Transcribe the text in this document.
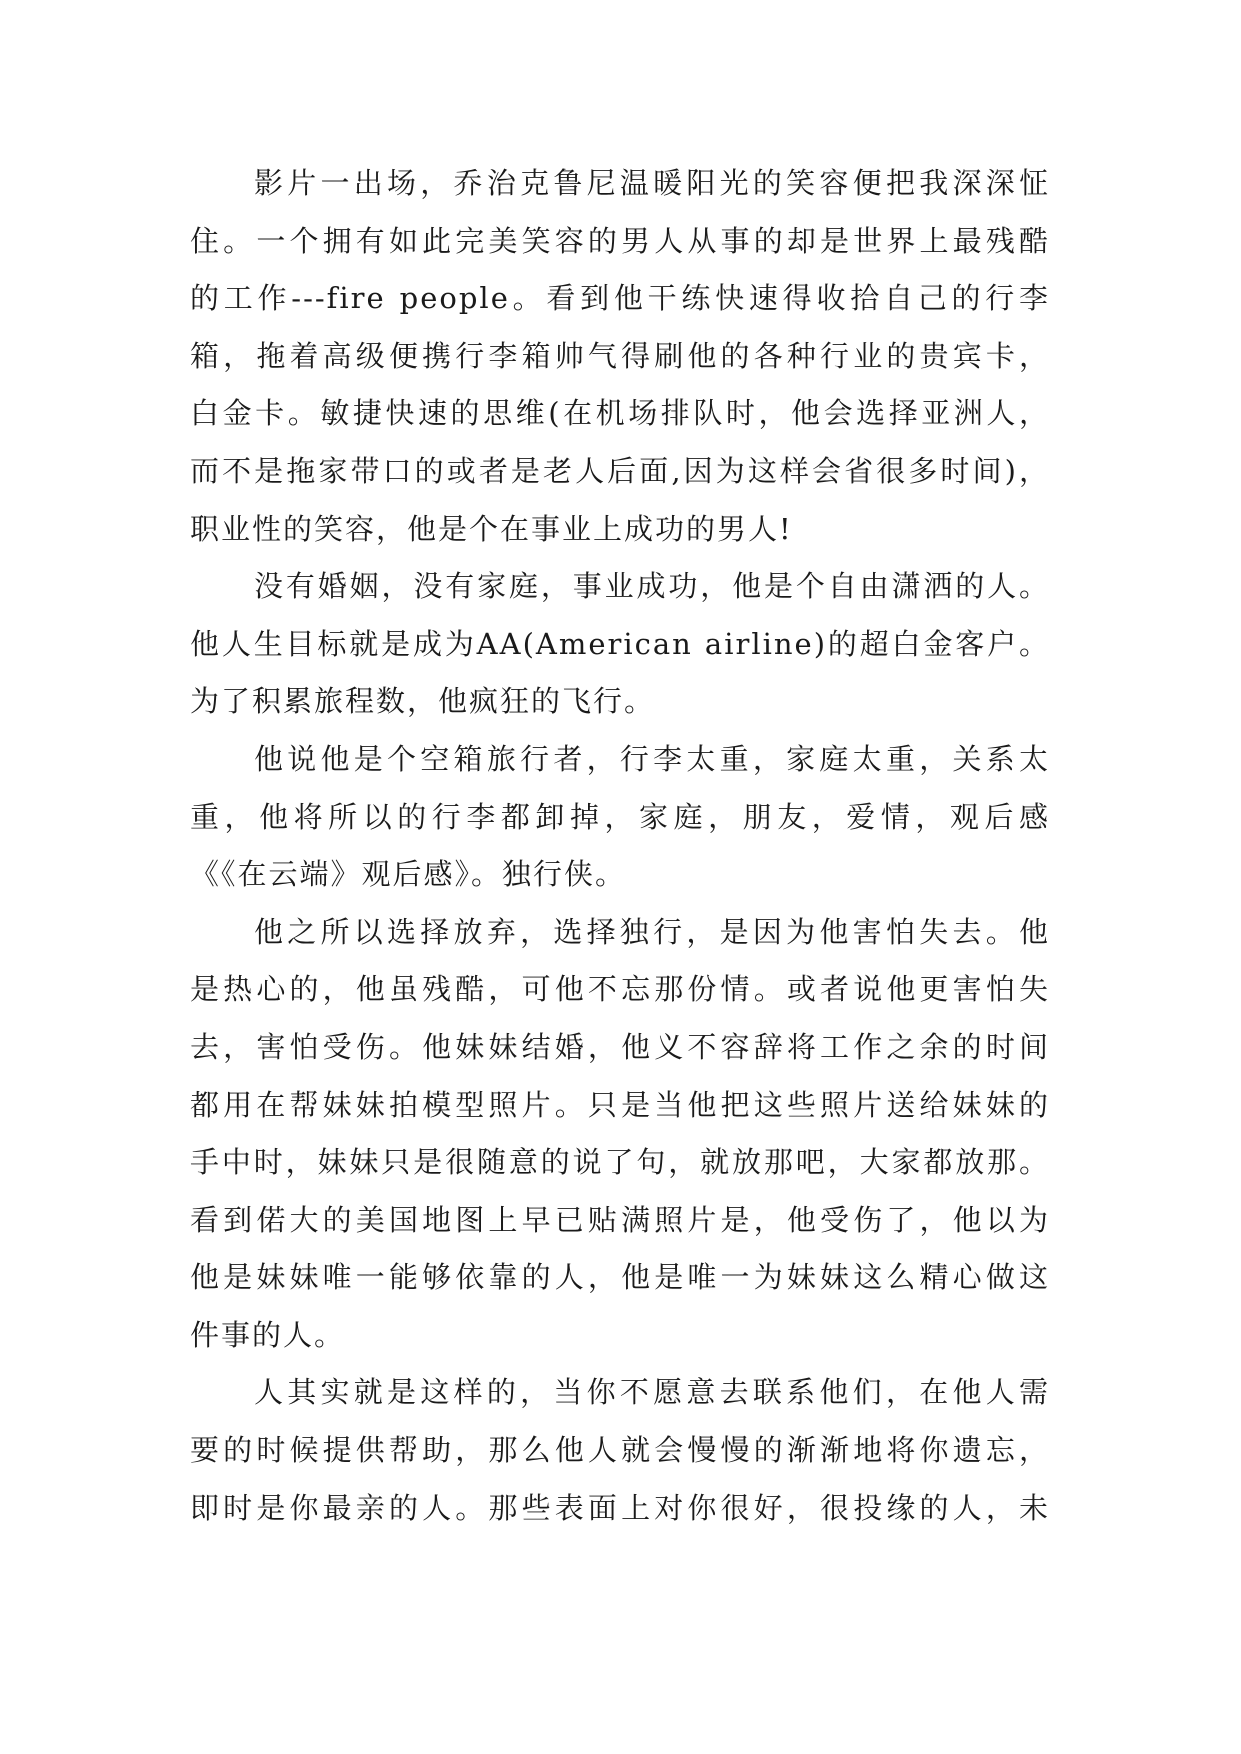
影片一出场，乔治克鲁尼温暖阳光的笑容便把我深深怔
住。一个拥有如此完美笑容的男人从事的却是世界上最残酷
的工作---fire people。看到他干练快速得收拾自己的行李
箱，拖着高级便携行李箱帅气得刷他的各种行业的贵宾卡，
白金卡。敏捷快速的思维(在机场排队时，他会选择亚洲人，
而不是拖家带口的或者是老人后面,因为这样会省很多时间)，
职业性的笑容，他是个在事业上成功的男人!
没有婚姻，没有家庭，事业成功，他是个自由潇洒的人。
他人生目标就是成为AA(American airline)的超白金客户。
为了积累旅程数，他疯狂的飞行。
他说他是个空箱旅行者，行李太重，家庭太重，关系太
重，他将所以的行李都卸掉，家庭，朋友，爱情，观后感
《《在云端》观后感》。独行侠。
他之所以选择放弃，选择独行，是因为他害怕失去。他
是热心的，他虽残酷，可他不忘那份情。或者说他更害怕失
去，害怕受伤。他妹妹结婚，他义不容辞将工作之余的时间
都用在帮妹妹拍模型照片。只是当他把这些照片送给妹妹的
手中时，妹妹只是很随意的说了句，就放那吧，大家都放那。
看到偌大的美国地图上早已贴满照片是，他受伤了，他以为
他是妹妹唯一能够依靠的人，他是唯一为妹妹这么精心做这
件事的人。
人其实就是这样的，当你不愿意去联系他们，在他人需
要的时候提供帮助，那么他人就会慢慢的渐渐地将你遗忘，
即时是你最亲的人。那些表面上对你很好，很投缘的人，未
